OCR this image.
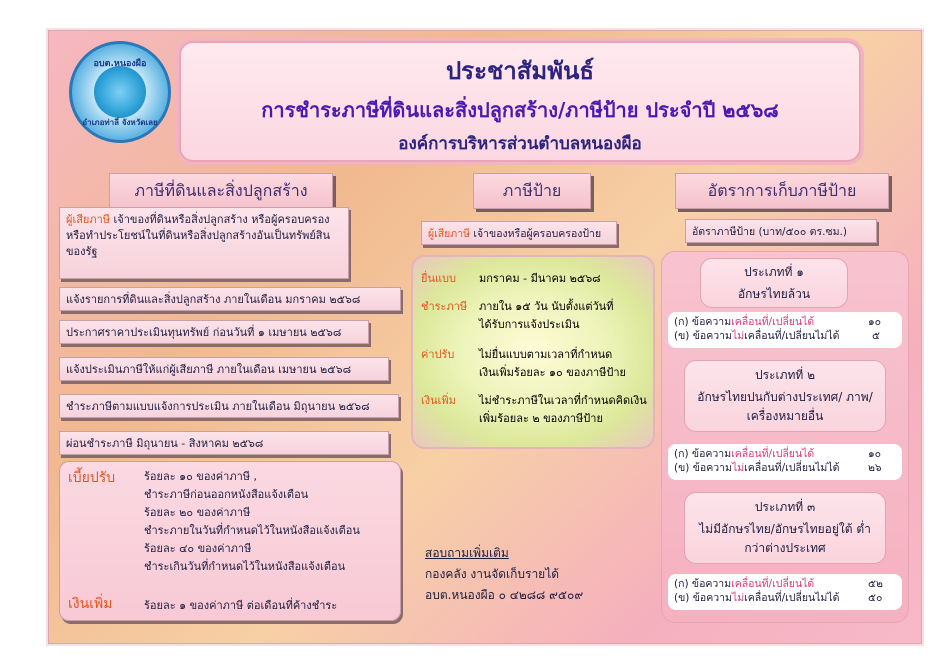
อบต.หนองผือ
อำเภอท่าลี่ จังหวัดเลย
ประชาสัมพันธ์
การชำระภาษีที่ดินและสิ่งปลูกสร้าง/ภาษีป้าย ประจำปี ๒๕๖๘
องค์การบริหารส่วนตำบลหนองผือ
ภาษีที่ดินและสิ่งปลูกสร้าง	ภาษีป้าย	อัตราการเก็บภาษีป้าย
ผู้เสียภาษี เจ้าของที่ดินหรือสิ่งปลูกสร้าง หรือผู้ครอบครอง หรือทำประโยชน์ในที่ดินหรือสิ่งปลูกสร้างอันเป็นทรัพย์สินของรัฐ
แจ้งรายการที่ดินและสิ่งปลูกสร้าง ภายในเดือน มกราคม ๒๕๖๘
ประกาศราคาประเมินทุนทรัพย์ ก่อนวันที่ ๑ เมษายน ๒๕๖๘
แจ้งประเมินภาษีให้แก่ผู้เสียภาษี ภายในเดือน เมษายน ๒๕๖๘
ชำระภาษีตามแบบแจ้งการประเมิน ภายในเดือน มิถุนายน ๒๕๖๘
ผ่อนชำระภาษี มิถุนายน - สิงหาคม ๒๕๖๘
เบี้ยปรับ	ร้อยละ ๑๐ ของค่าภาษี ,
ชำระภาษีก่อนออกหนังสือแจ้งเตือน
ร้อยละ ๒๐ ของค่าภาษี
ชำระภายในวันที่กำหนดไว้ในหนังสือแจ้งเตือน
ร้อยละ ๔๐ ของค่าภาษี
ชำระเกินวันที่กำหนดไว้ในหนังสือแจ้งเตือน
เงินเพิ่ม	ร้อยละ ๑ ของค่าภาษี ต่อเดือนที่ค้างชำระ
ผู้เสียภาษี เจ้าของหรือผู้ครอบครองป้าย
ยื่นแบบ มกราคม - มีนาคม ๒๕๖๘
ชำระภาษี ภายใน ๑๕ วัน นับตั้งแต่วันที่
ได้รับการแจ้งประเมิน
ค่าปรับ ไม่ยื่นแบบตามเวลาที่กำหนด
เงินเพิ่มร้อยละ ๑๐ ของภาษีป้าย
เงินเพิ่ม ไม่ชำระภาษีในเวลาที่กำหนดคิดเงิน
เพิ่มร้อยละ ๒ ของภาษีป้าย
สอบถามเพิ่มเติม
กองคลัง งานจัดเก็บรายได้
อบต.หนองผือ ๐ ๔๒๘๘ ๙๕๐๙
อัตราภาษีป้าย (บาท/๕๐๐ ตร.ซม.)
ประเภทที่ ๑
อักษรไทยล้วน
(ก) ข้อความเคลื่อนที่/เปลี่ยนได้	๑๐
(ข) ข้อความไม่เคลื่อนที่/เปลี่ยนไม่ได้	๕
ประเภทที่ ๒
อักษรไทยปนกับต่างประเทศ/ ภาพ/เครื่องหมายอื่น
(ก) ข้อความเคลื่อนที่/เปลี่ยนได้	๑๐
(ข) ข้อความไม่เคลื่อนที่/เปลี่ยนไม่ได้	๒๖
ประเภทที่ ๓
ไม่มีอักษรไทย/อักษรไทยอยู่ใต้ ต่ำกว่าต่างประเทศ
(ก) ข้อความเคลื่อนที่/เปลี่ยนได้	๕๒
(ข) ข้อความไม่เคลื่อนที่/เปลี่ยนไม่ได้	๕๐
